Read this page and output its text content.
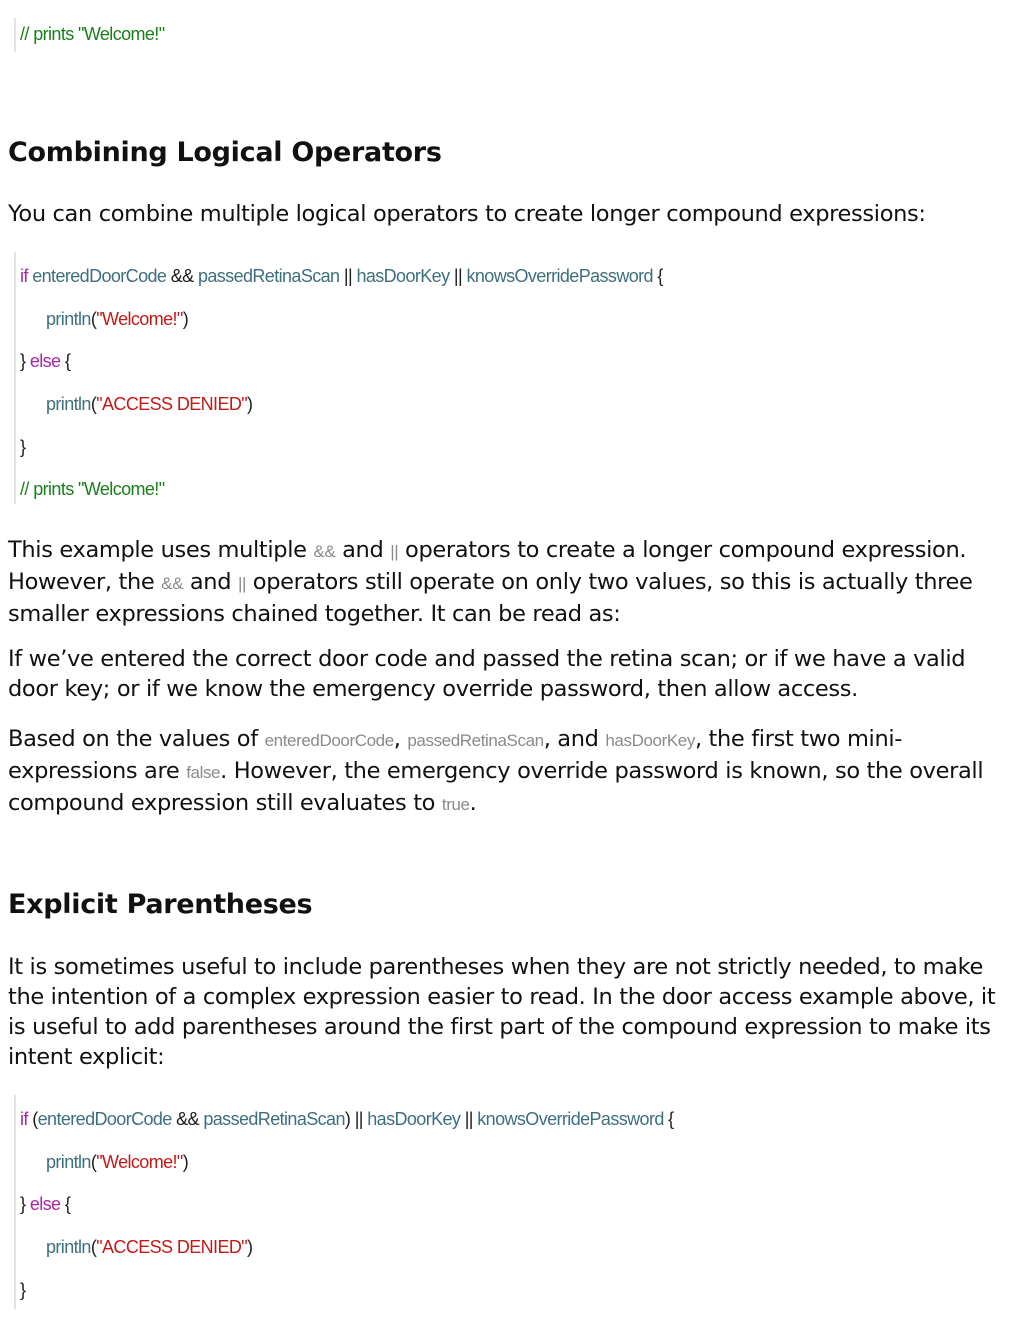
// prints "Welcome!"
Combining Logical Operators

You can combine multiple logical operators to create longer compound expressions:

if enteredDoorCode && passedRetinaScan || hasDoorKey || knowsOverridePassword {
println("Welcome!")
} else {
println("ACCESS DENIED")
}
// prints "Welcome!"

This example uses multiple && and || operators to create a longer compound expression. However, the && and || operators still operate on only two values, so this is actually three smaller expressions chained together. It can be read as:

If we’ve entered the correct door code and passed the retina scan; or if we have a valid door key; or if we know the emergency override password, then allow access.

Based on the values of enteredDoorCode, passedRetinaScan, and hasDoorKey, the first two mini-expressions are false. However, the emergency override password is known, so the overall compound expression still evaluates to true.

Explicit Parentheses

It is sometimes useful to include parentheses when they are not strictly needed, to make the intention of a complex expression easier to read. In the door access example above, it is useful to add parentheses around the first part of the compound expression to make its intent explicit:

if (enteredDoorCode && passedRetinaScan) || hasDoorKey || knowsOverridePassword {
println("Welcome!")
} else {
println("ACCESS DENIED")
}
